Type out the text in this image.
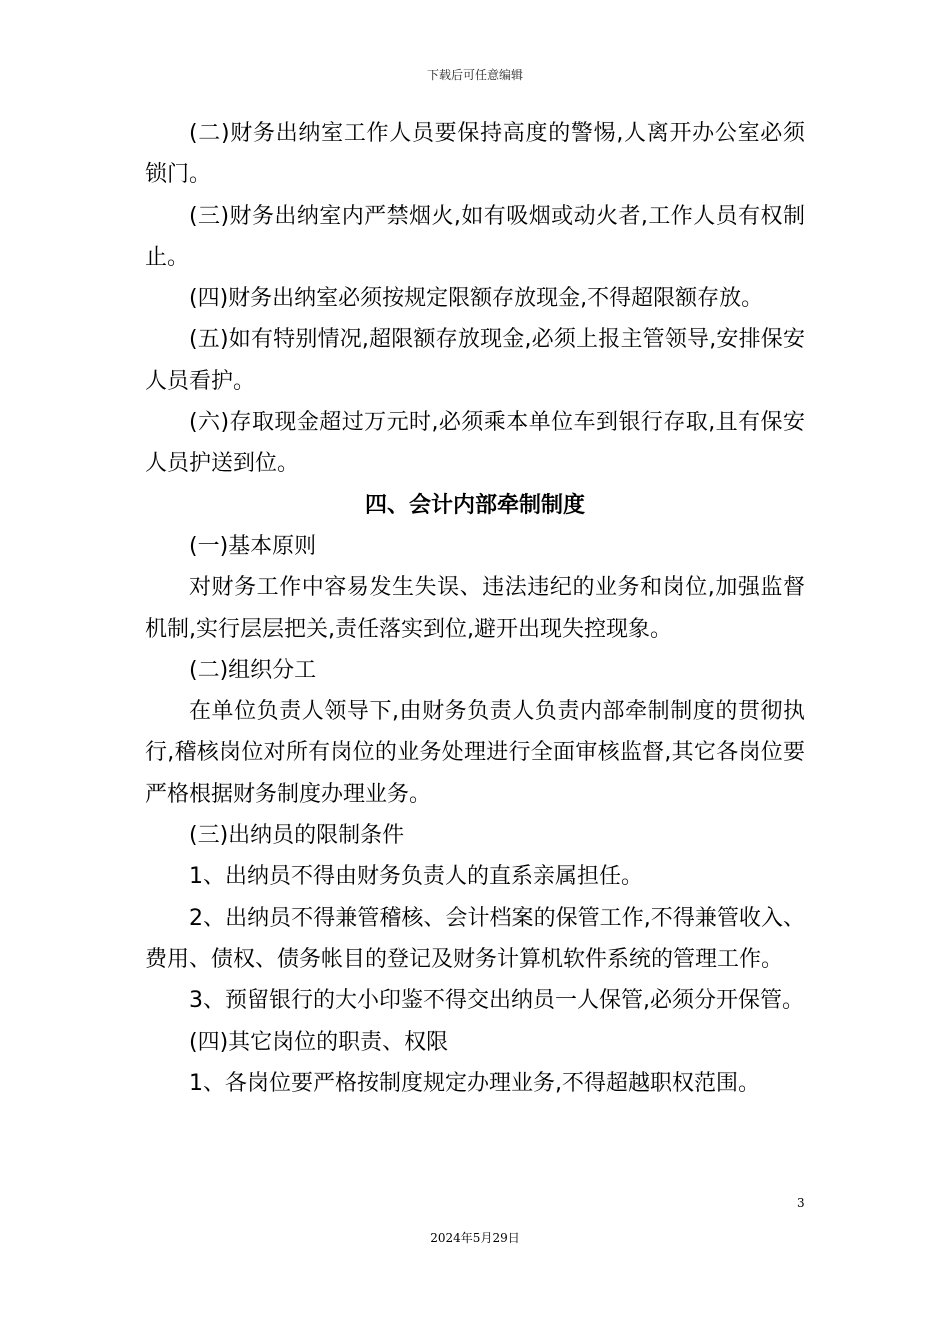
下载后可任意编辑

(二)财务出纳室工作人员要保持高度的警惕,人离开办公室必须锁门。

(三)财务出纳室内严禁烟火,如有吸烟或动火者,工作人员有权制止。

(四)财务出纳室必须按规定限额存放现金,不得超限额存放。

(五)如有特别情况,超限额存放现金,必须上报主管领导,安排保安人员看护。

(六)存取现金超过万元时,必须乘本单位车到银行存取,且有保安人员护送到位。

四、会计内部牵制制度

(一)基本原则

对财务工作中容易发生失误、违法违纪的业务和岗位,加强监督机制,实行层层把关,责任落实到位,避开出现失控现象。

(二)组织分工

在单位负责人领导下,由财务负责人负责内部牵制制度的贯彻执行,稽核岗位对所有岗位的业务处理进行全面审核监督,其它各岗位要严格根据财务制度办理业务。

(三)出纳员的限制条件

1、出纳员不得由财务负责人的直系亲属担任。

2、出纳员不得兼管稽核、会计档案的保管工作,不得兼管收入、费用、债权、债务帐目的登记及财务计算机软件系统的管理工作。

3、预留银行的大小印鉴不得交出纳员一人保管,必须分开保管。

(四)其它岗位的职责、权限

1、各岗位要严格按制度规定办理业务,不得超越职权范围。

3
2024年5月29日
